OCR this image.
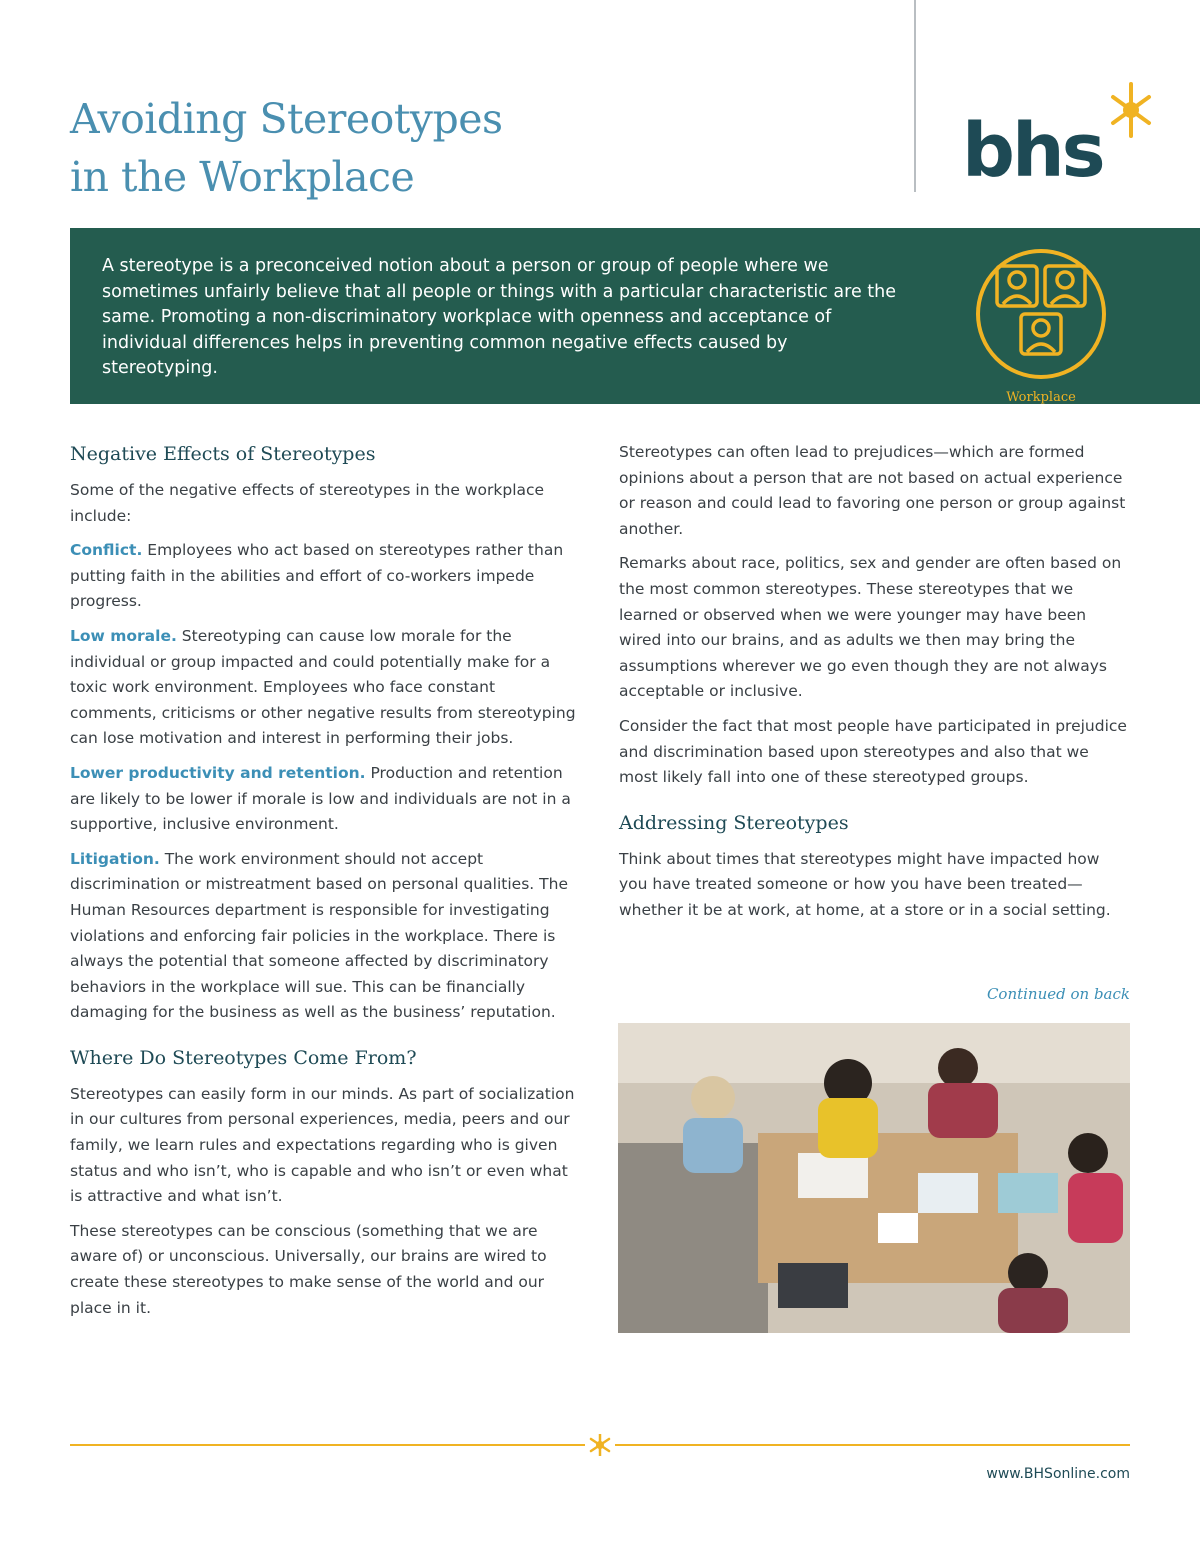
Avoiding Stereotypes
in the Workplace	bhs

A stereotype is a preconceived notion about a person or group of people where we sometimes unfairly believe that all people or things with a particular characteristic are the same. Promoting a non-discriminatory workplace with openness and acceptance of individual differences helps in preventing common negative effects caused by stereotyping.

Workplace
Negative Effects of Stereotypes

Some of the negative effects of stereotypes in the workplace include:

Conflict. Employees who act based on stereotypes rather than putting faith in the abilities and effort of co-workers impede progress.

Low morale. Stereotyping can cause low morale for the individual or group impacted and could potentially make for a toxic work environment. Employees who face constant comments, criticisms or other negative results from stereotyping can lose motivation and interest in performing their jobs.

Lower productivity and retention. Production and retention are likely to be lower if morale is low and individuals are not in a supportive, inclusive environment.

Litigation. The work environment should not accept discrimination or mistreatment based on personal qualities. The Human Resources department is responsible for investigating violations and enforcing fair policies in the workplace. There is always the potential that someone affected by discriminatory behaviors in the workplace will sue. This can be financially damaging for the business as well as the business’ reputation.

Where Do Stereotypes Come From?

Stereotypes can easily form in our minds. As part of socialization in our cultures from personal experiences, media, peers and our family, we learn rules and expectations regarding who is given status and who isn’t, who is capable and who isn’t or even what is attractive and what isn’t.

These stereotypes can be conscious (something that we are aware of) or unconscious. Universally, our brains are wired to create these stereotypes to make sense of the world and our place in it.

Stereotypes can often lead to prejudices—which are formed opinions about a person that are not based on actual experience or reason and could lead to favoring one person or group against another.

Remarks about race, politics, sex and gender are often based on the most common stereotypes. These stereotypes that we learned or observed when we were younger may have been wired into our brains, and as adults we then may bring the assumptions wherever we go even though they are not always acceptable or inclusive.

Consider the fact that most people have participated in prejudice and discrimination based upon stereotypes and also that we most likely fall into one of these stereotyped groups.

Addressing Stereotypes

Think about times that stereotypes might have impacted how you have treated someone or how you have been treated—whether it be at work, at home, at a store or in a social setting.

Continued on back

www.BHSonline.com
